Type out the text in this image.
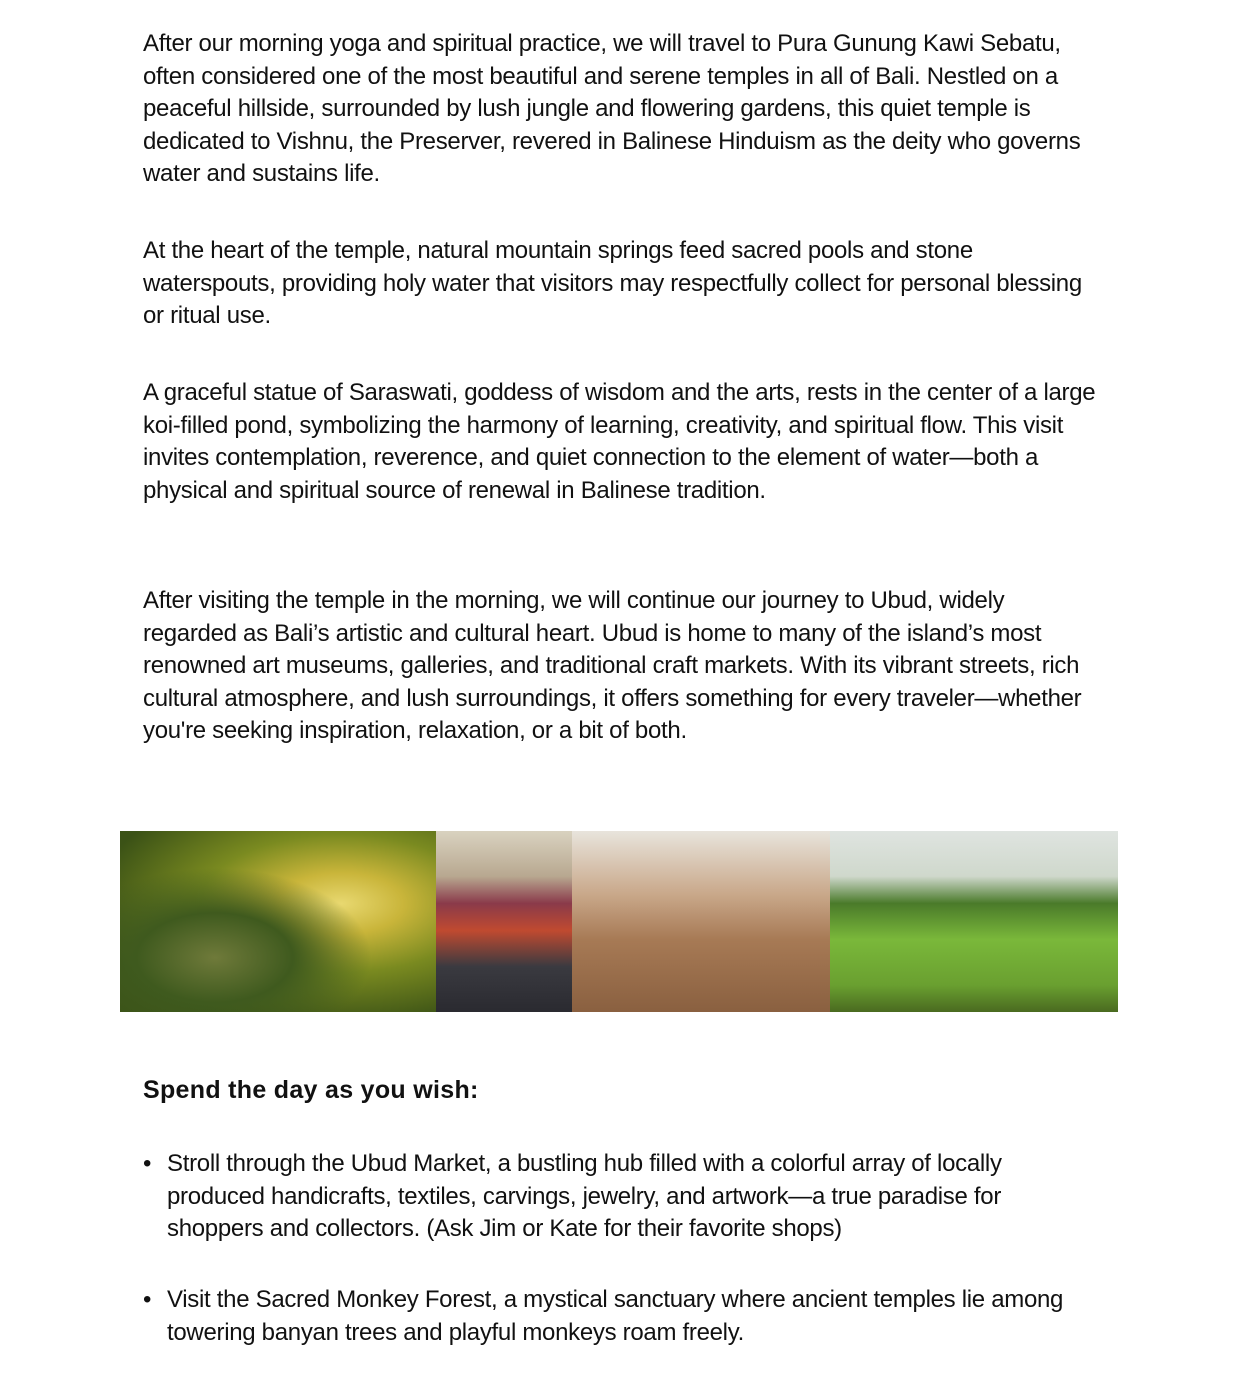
After our morning yoga and spiritual practice, we will travel to Pura Gunung Kawi Sebatu, often considered one of the most beautiful and serene temples in all of Bali. Nestled on a peaceful hillside, surrounded by lush jungle and flowering gardens, this quiet temple is dedicated to Vishnu, the Preserver, revered in Balinese Hinduism as the deity who governs water and sustains life.

At the heart of the temple, natural mountain springs feed sacred pools and stone waterspouts, providing holy water that visitors may respectfully collect for personal blessing or ritual use.

A graceful statue of Saraswati, goddess of wisdom and the arts, rests in the center of a large koi-filled pond, symbolizing the harmony of learning, creativity, and spiritual flow. This visit invites contemplation, reverence, and quiet connection to the element of water—both a physical and spiritual source of renewal in Balinese tradition.

After visiting the temple in the morning, we will continue our journey to Ubud, widely regarded as Bali’s artistic and cultural heart. Ubud is home to many of the island’s most renowned art museums, galleries, and traditional craft markets. With its vibrant streets, rich cultural atmosphere, and lush surroundings, it offers something for every traveler—whether you're seeking inspiration, relaxation, or a bit of both.

Spend the day as you wish:
• Stroll through the Ubud Market, a bustling hub filled with a colorful array of locally produced handicrafts, textiles, carvings, jewelry, and artwork—a true paradise for shoppers and collectors. (Ask Jim or Kate for their favorite shops)
• Visit the Sacred Monkey Forest, a mystical sanctuary where ancient temples lie among towering banyan trees and playful monkeys roam freely.
